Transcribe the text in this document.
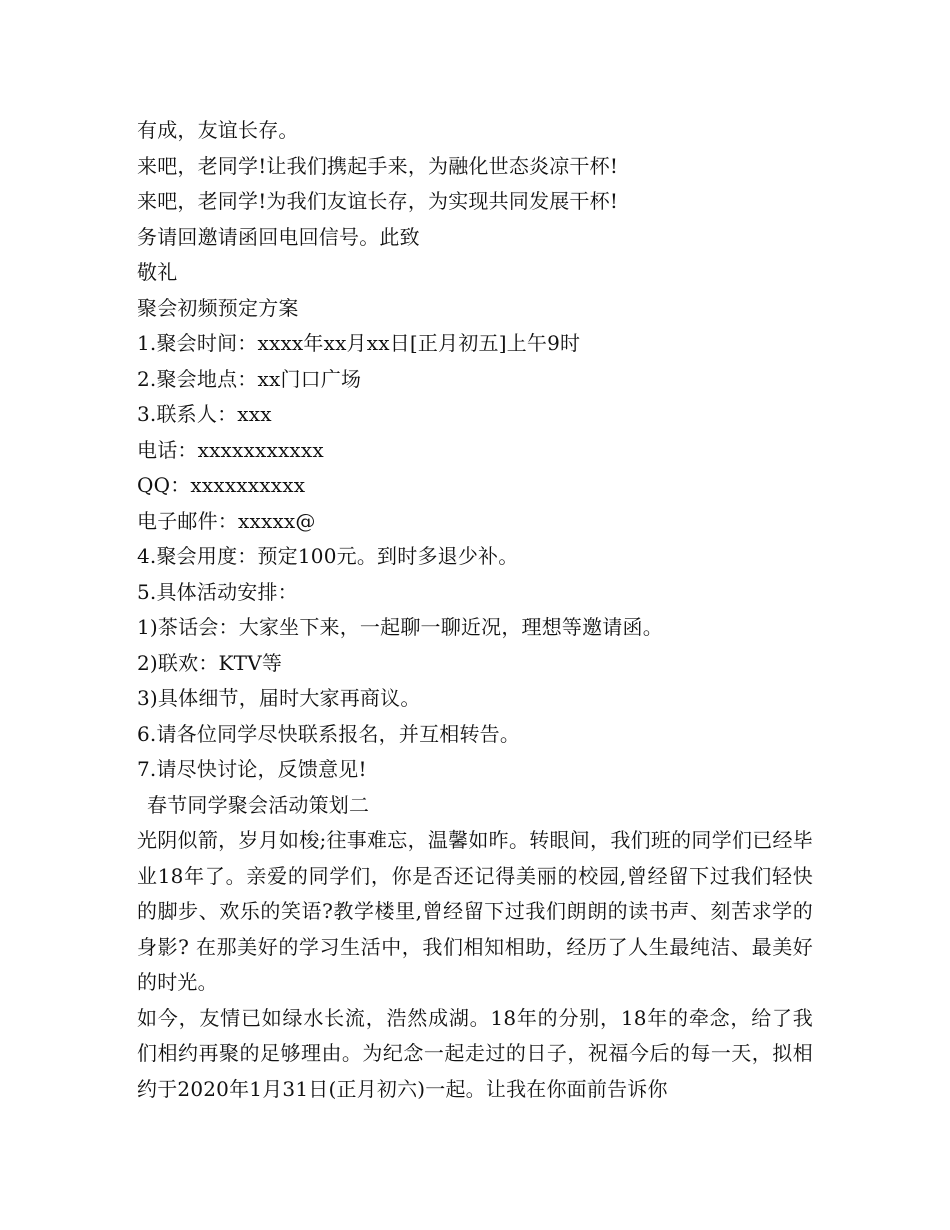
有成，友谊长存。
来吧，老同学!让我们携起手来，为融化世态炎凉干杯!
来吧，老同学!为我们友谊长存，为实现共同发展干杯!
务请回邀请函回电回信号。此致
敬礼
聚会初频预定方案
1.聚会时间：xxxx年xx月xx日[正月初五]上午9时
2.聚会地点：xx门口广场
3.联系人：xxx
电话：xxxxxxxxxxx
QQ：xxxxxxxxxx
电子邮件：xxxxx@
4.聚会用度：预定100元。到时多退少补。
5.具体活动安排：
1)茶话会：大家坐下来，一起聊一聊近况，理想等邀请函。
2)联欢：KTV等
3)具体细节，届时大家再商议。
6.请各位同学尽快联系报名，并互相转告。
7.请尽快讨论，反馈意见!
春节同学聚会活动策划二
光阴似箭，岁月如梭;往事难忘，温馨如昨。转眼间，我们班的同学们已经毕业18年了。亲爱的同学们，你是否还记得美丽的校园,曾经留下过我们轻快的脚步、欢乐的笑语?教学楼里,曾经留下过我们朗朗的读书声、刻苦求学的身影? 在那美好的学习生活中，我们相知相助，经历了人生最纯洁、最美好的时光。
如今，友情已如绿水长流，浩然成湖。18年的分别，18年的牵念，给了我们相约再聚的足够理由。为纪念一起走过的日子，祝福今后的每一天，拟相约于2020年1月31日(正月初六)一起。让我在你面前告诉你
